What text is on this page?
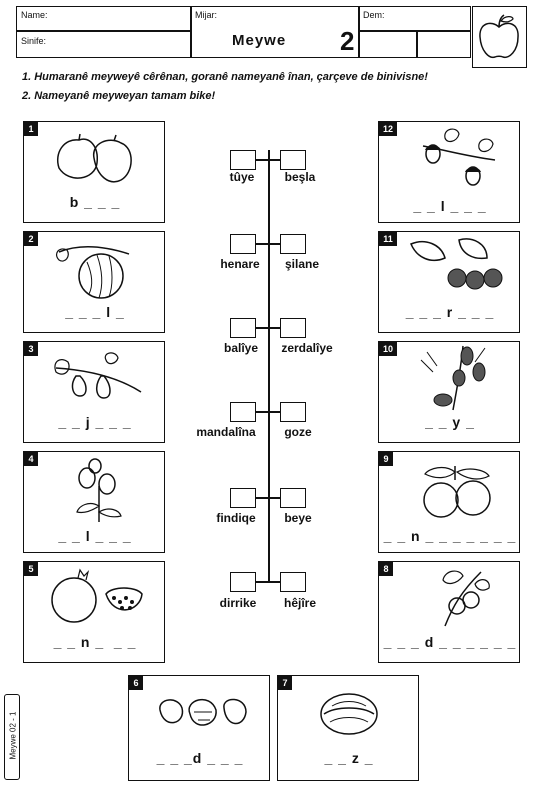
Name:
Sinife:
Mijar:	Dem:
Meywe 2
1. Humaranê meyweyê cêrênan, goranê nameyanê înan, çarçeve de binivisne!
2. Nameyanê meyweyan tamam bike!
1
b _ _ _
2
_ _ _ l _
3
_ _ j _ _ _
4
_ _ l _ _ _
5
_ _ n _  _ _
6
_ _ _d _ _ _
7
_ _ z _
12
_ _ l _ _ _
11
_ _ _ r _ _ _
10
_ _ y _
9
_ _ n _ _ _ _ _ _ _
8
_ _ _ d _ _ _ _ _ _
tûye	beşla
henare	şilane
balîye	zerdalîye
mandalîna	goze
findiqe	beye
dirrike	hêjîre
Meywe 02 - 1
